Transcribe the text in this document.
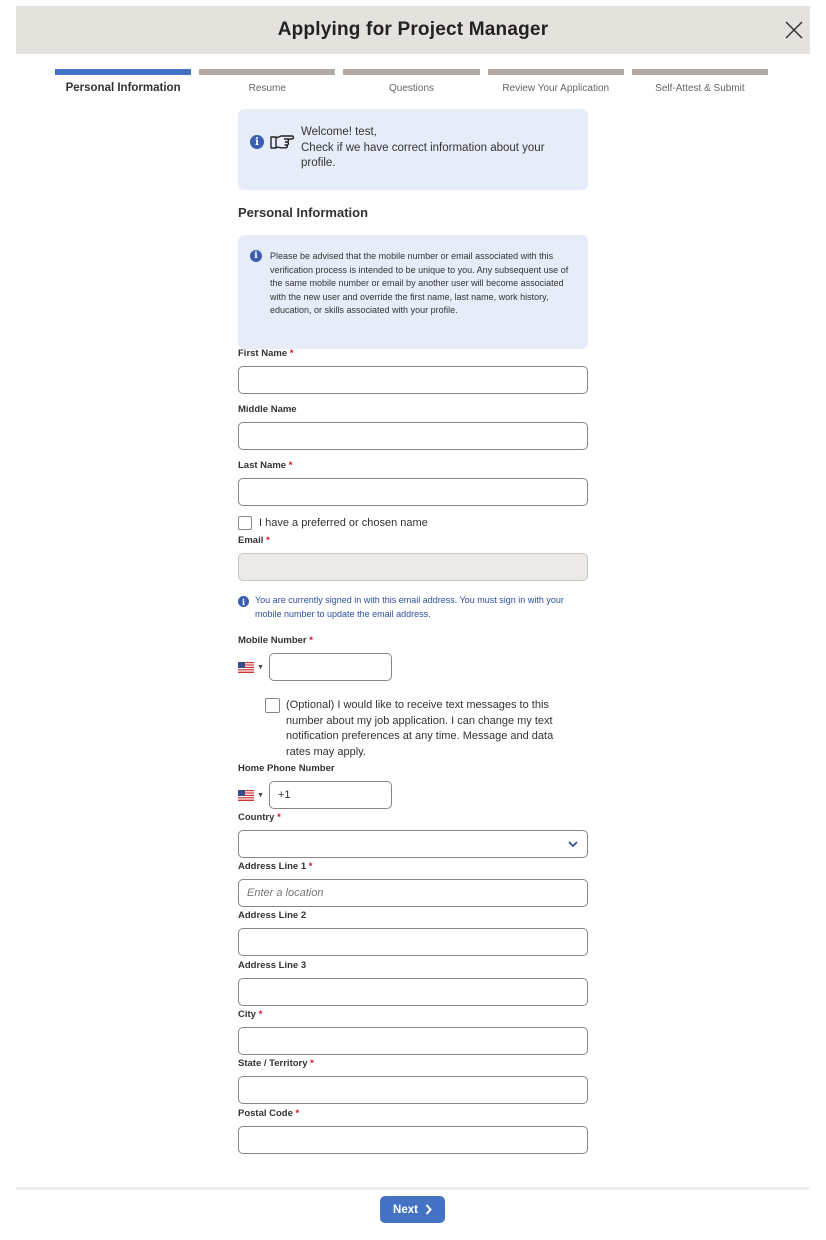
Applying for Project Manager
Personal Information	Resume	Questions	Review Your Application	Self-Attest & Submit
i
Welcome! test,
Check if we have correct information about your profile.
Personal Information
i	Please be advised that the mobile number or email associated with this verification process is intended to be unique to you. Any subsequent use of the same mobile number or email by another user will become associated with the new user and override the first name, last name, work history, education, or skills associated with your profile.
First Name *
Middle Name
Last Name *
I have a preferred or chosen name
Email *
i	You are currently signed in with this email address. You must sign in with your mobile number to update the email address.
Mobile Number *
▼
(Optional) I would like to receive text messages to this number about my job application. I can change my text notification preferences at any time. Message and data rates may apply.
Home Phone Number
▼
+1
Country *
Address Line 1 *
Enter a location
Address Line 2
Address Line 3
City *
State / Territory *
Postal Code *
Next
